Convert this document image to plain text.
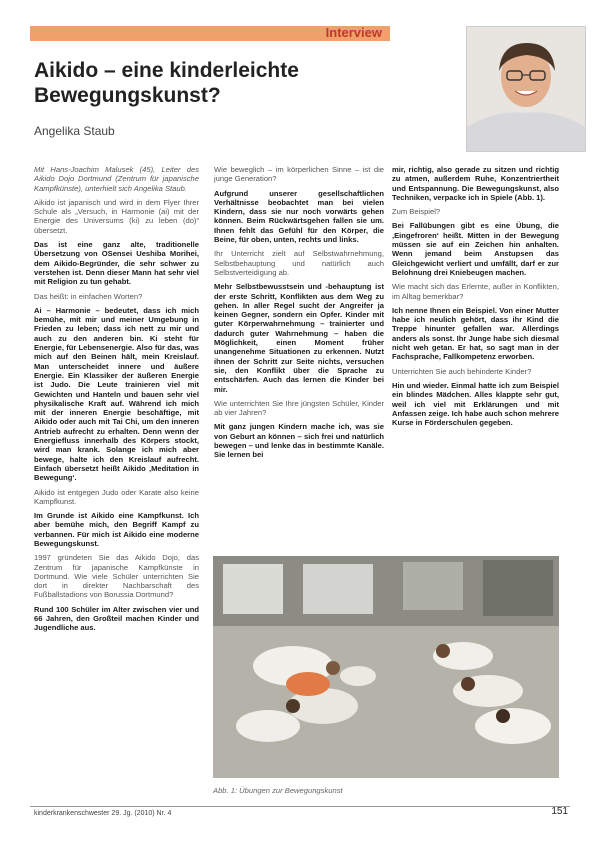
Interview
Aikido – eine kinderleichte Bewegungskunst?
Angelika Staub

Mit Hans-Joachim Malusek (45), Leiter des Aikido Dojo Dortmund (Zentrum für japanische Kampfkünste), unterhielt sich Angelika Staub.

Aikido ist japanisch und wird in dem Flyer Ihrer Schule als „Versuch, in Harmonie (ai) mit der Energie des Universums (ki) zu leben (do)“ übersetzt.

Das ist eine ganz alte, traditionelle Übersetzung von OSensei Ueshiba Morihei, dem Aikido-Begründer, die sehr schwer zu verstehen ist. Denn dieser Mann hat sehr viel mit Religion zu tun gehabt.

Das heißt: in einfachen Worten?

Ai – Harmonie – bedeutet, dass ich mich bemühe, mit mir und meiner Umgebung in Frieden zu leben; dass ich nett zu mir und auch zu den anderen bin. Ki steht für Energie, für Lebensenergie. Also für das, was mich auf den Beinen hält, mein Kreislauf. Man unterscheidet innere und äußere Energie. Ein Klassiker der äußeren Energie ist Judo. Die Leute trainieren viel mit Gewichten und Hanteln und bauen sehr viel physikalische Kraft auf. Während ich mich mit der inneren Energie beschäftige, mit Aikido oder auch mit Tai Chi, um den inneren Antrieb aufrecht zu erhalten. Denn wenn der Energiefluss innerhalb des Körpers stockt, wird man krank. Solange ich mich aber bewege, halte ich den Kreislauf aufrecht. Einfach übersetzt heißt Aikido ‚Meditation in Bewegung‘.

Aikido ist entgegen Judo oder Karate also keine Kampfkunst.

Im Grunde ist Aikido eine Kampfkunst. Ich aber bemühe mich, den Begriff Kampf zu verbannen. Für mich ist Aikido eine moderne Bewegungskunst.

1997 gründeten Sie das Aikido Dojo, das Zentrum für japanische Kampfkünste in Dortmund. Wie viele Schüler unterrichten Sie dort in direkter Nachbarschaft des Fußballstadions von Borussia Dortmund?

Rund 100 Schüler im Alter zwischen vier und 66 Jahren, den Großteil machen Kinder und Jugendliche aus.

Wie beweglich – im körperlichen Sinne – ist die junge Generation?

Aufgrund unserer gesellschaftlichen Verhältnisse beobachtet man bei vielen Kindern, dass sie nur noch vorwärts gehen können. Beim Rückwärtsgehen fallen sie um. Ihnen fehlt das Gefühl für den Körper, die Beine, für oben, unten, rechts und links.

Ihr Unterricht zielt auf Selbstwahrnehmung, Selbstbehauptung und natürlich auch Selbstverteidigung ab.

Mehr Selbstbewusstsein und -behauptung ist der erste Schritt, Konflikten aus dem Weg zu gehen. In aller Regel sucht der Angreifer ja keinen Gegner, sondern ein Opfer. Kinder mit guter Körperwahrnehmung – trainierter und dadurch guter Wahrnehmung – haben die Möglichkeit, einen Moment früher unangenehme Situationen zu erkennen. Nutzt ihnen der Schritt zur Seite nichts, versuchen sie, den Konflikt über die Sprache zu entschärfen. Auch das lernen die Kinder bei mir.

Wie unterrichten Sie Ihre jüngsten Schüler, Kinder ab vier Jahren?

Mit ganz jungen Kindern mache ich, was sie von Geburt an können – sich frei und natürlich bewegen – und lenke das in bestimmte Kanäle. Sie lernen bei

mir, richtig, also gerade zu sitzen und richtig zu atmen, außerdem Ruhe, Konzentriertheit und Entspannung. Die Bewegungskunst, also Techniken, verpacke ich in Spiele (Abb. 1).

Zum Beispiel?

Bei Fallübungen gibt es eine Übung, die ‚Eingefroren‘ heißt. Mitten in der Bewegung müssen sie auf ein Zeichen hin anhalten. Wenn jemand beim Anstupsen das Gleichgewicht verliert und umfällt, darf er zur Belohnung drei Kniebeugen machen.

Wie macht sich das Erlernte, außer in Konflikten, im Alltag bemerkbar?

Ich nenne Ihnen ein Beispiel. Von einer Mutter habe ich neulich gehört, dass ihr Kind die Treppe hinunter gefallen war. Allerdings anders als sonst. Ihr Junge habe sich diesmal nicht weh getan. Er hat, so sagt man in der Fachsprache, Fallkompetenz erworben.

Unterrichten Sie auch behinderte Kinder?

Hin und wieder. Einmal hatte ich zum Beispiel ein blindes Mädchen. Alles klappte sehr gut, weil ich viel mit Erklärungen und mit Anfassen zeige. Ich habe auch schon mehrere Kurse in Förderschulen gegeben.

Abb. 1: Übungen zur Bewegungskunst
kinderkrankenschwester 29. Jg. (2010) Nr. 4	151
